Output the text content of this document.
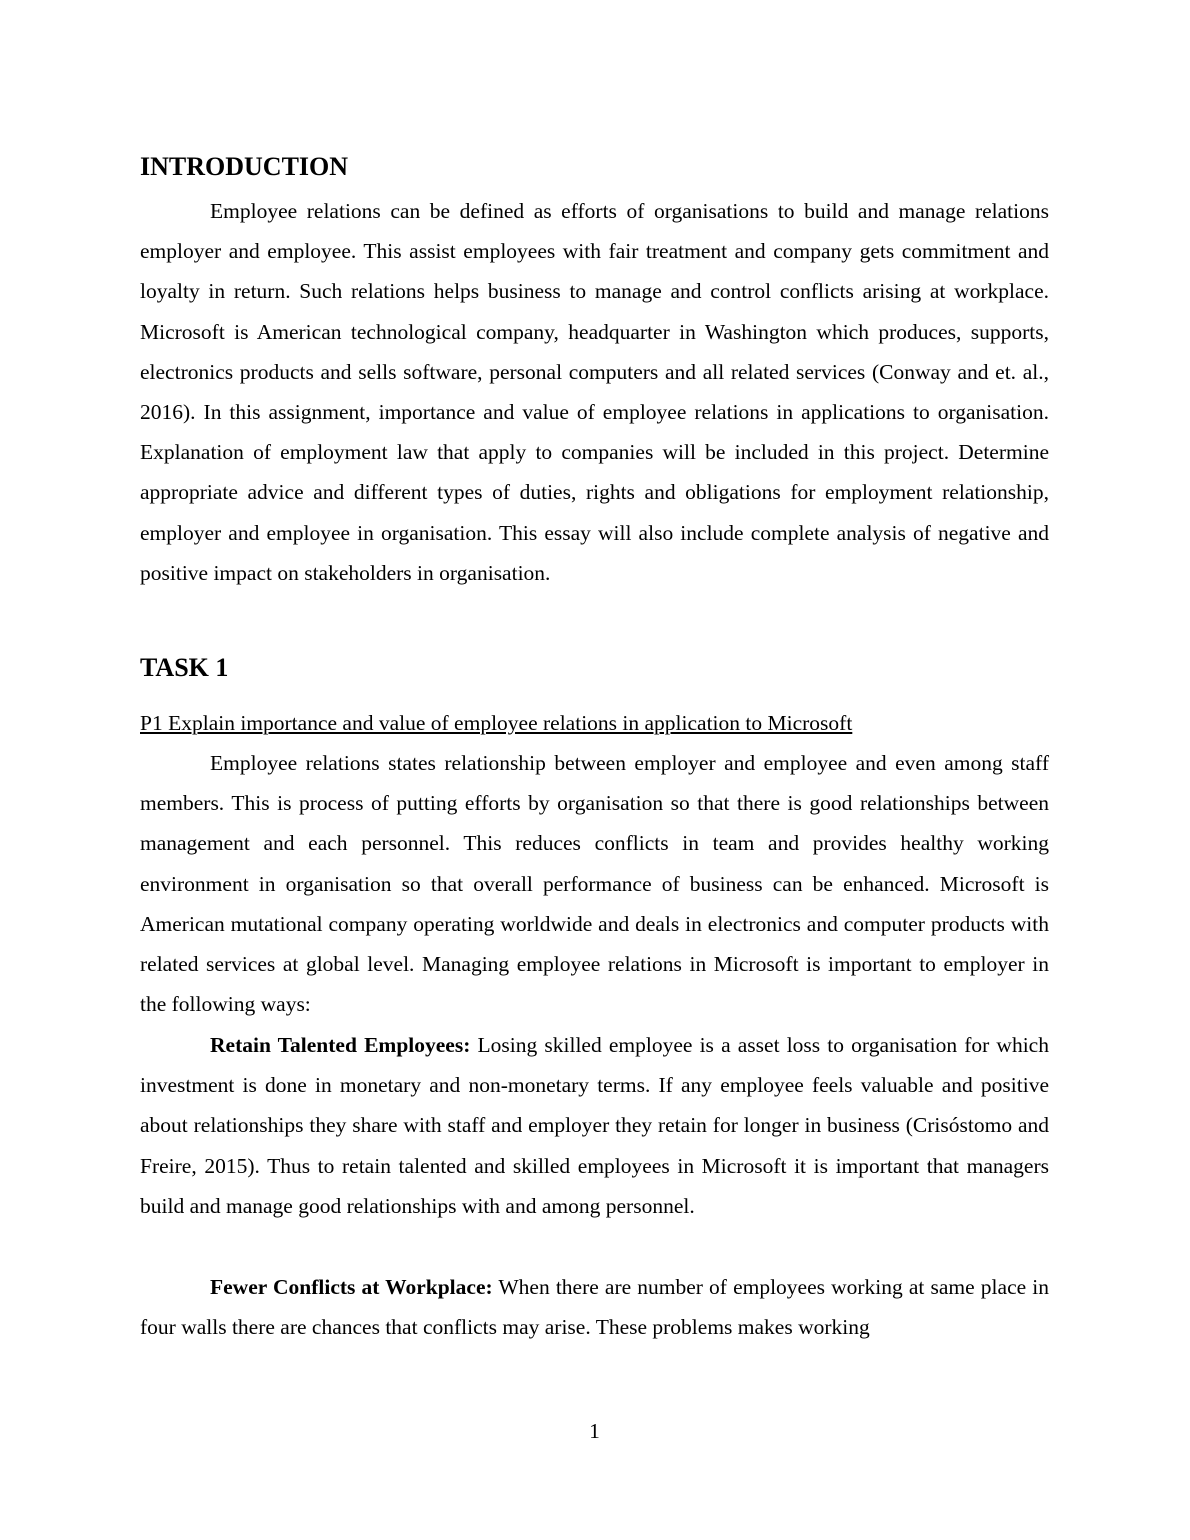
INTRODUCTION

Employee relations can be defined as efforts of organisations to build and manage relations employer and employee. This assist employees with fair treatment and company gets commitment and loyalty in return. Such relations helps business to manage and control conflicts arising at workplace. Microsoft is American technological company, headquarter in Washington which produces, supports, electronics products and sells software, personal computers and all related services (Conway and et. al., 2016). In this assignment, importance and value of employee relations in applications to organisation. Explanation of employment law that apply to companies will be included in this project. Determine appropriate advice and different types of duties, rights and obligations for employment relationship, employer and employee in organisation. This essay will also include complete analysis of negative and positive impact on stakeholders in organisation.

TASK 1

P1 Explain importance and value of employee relations in application to Microsoft

Employee relations states relationship between employer and employee and even among staff members. This is process of putting efforts by organisation so that there is good relationships between management and each personnel. This reduces conflicts in team and provides healthy working environment in organisation so that overall performance of business can be enhanced. Microsoft is American mutational company operating worldwide and deals in electronics and computer products with related services at global level. Managing employee relations in Microsoft is important to employer in the following ways:

Retain Talented Employees: Losing skilled employee is a asset loss to organisation for which investment is done in monetary and non-monetary terms. If any employee feels valuable and positive about relationships they share with staff and employer they retain for longer in business (Crisóstomo and Freire, 2015). Thus to retain talented and skilled employees in Microsoft it is important that managers build and manage good relationships with and among personnel.

Fewer Conflicts at Workplace: When there are number of employees working at same place in four walls there are chances that conflicts may arise. These problems makes working

1
